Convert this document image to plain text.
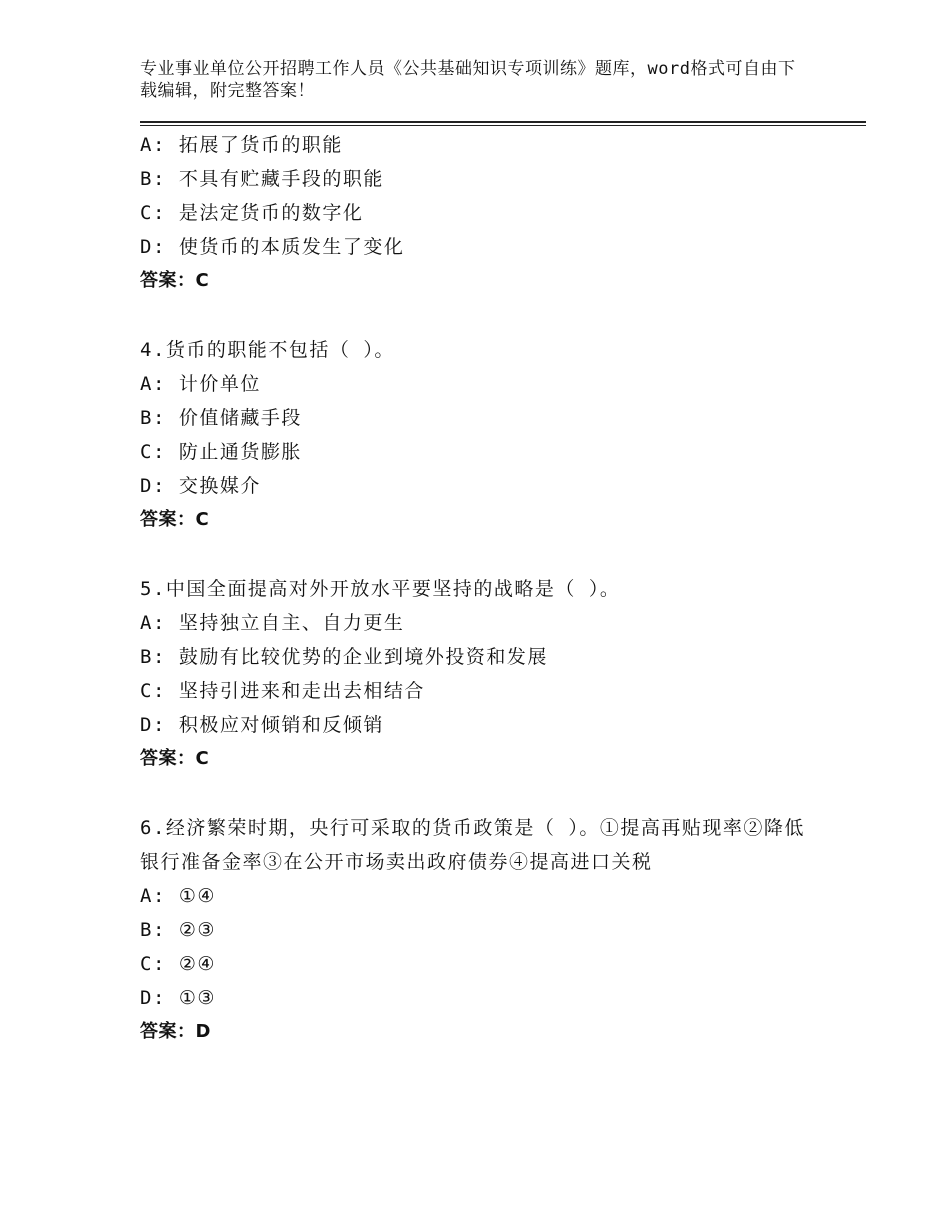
专业事业单位公开招聘工作人员《公共基础知识专项训练》题库，word格式可自由下载编辑，附完整答案！
A: 拓展了货币的职能
B: 不具有贮藏手段的职能
C: 是法定货币的数字化
D: 使货币的本质发生了变化
答案：C
4.货币的职能不包括（ ）。
A: 计价单位
B: 价值储藏手段
C: 防止通货膨胀
D: 交换媒介
答案：C
5.中国全面提高对外开放水平要坚持的战略是（ ）。
A: 坚持独立自主、自力更生
B: 鼓励有比较优势的企业到境外投资和发展
C: 坚持引进来和走出去相结合
D: 积极应对倾销和反倾销
答案：C
6.经济繁荣时期，央行可采取的货币政策是（ ）。①提高再贴现率②降低银行准备金率③在公开市场卖出政府债券④提高进口关税
A: ①④
B: ②③
C: ②④
D: ①③
答案：D
